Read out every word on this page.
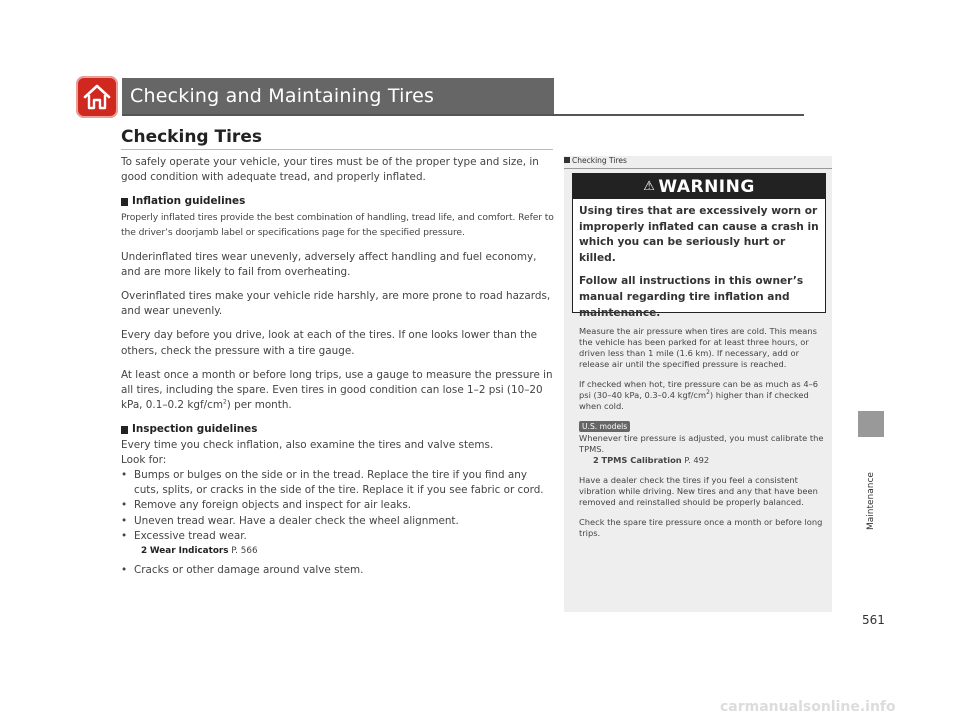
Checking and Maintaining Tires
Checking Tires

To safely operate your vehicle, your tires must be of the proper type and size, in good condition with adequate tread, and properly inflated.

Inflation guidelines

Properly inflated tires provide the best combination of handling, tread life, and comfort. Refer to the driver’s doorjamb label or specifications page for the specified pressure.

Underinflated tires wear unevenly, adversely affect handling and fuel economy, and are more likely to fail from overheating.

Overinflated tires make your vehicle ride harshly, are more prone to road hazards, and wear unevenly.

Every day before you drive, look at each of the tires. If one looks lower than the others, check the pressure with a tire gauge.

At least once a month or before long trips, use a gauge to measure the pressure in all tires, including the spare. Even tires in good condition can lose 1–2 psi (10–20 kPa, 0.1–0.2 kgf/$cm^2$) per month.

Inspection guidelines
Every time you check inflation, also examine the tires and valve stems.
Look for:
• Bumps or bulges on the side or in the tread. Replace the tire if you find any cuts, splits, or cracks in the side of the tire. Replace it if you see fabric or cord.
• Remove any foreign objects and inspect for air leaks.
• Uneven tread wear. Have a dealer check the wheel alignment.
• Excessive tread wear.

2 Wear Indicators P. 566

• Cracks or other damage around valve stem.
Checking Tires
⚠ WARNING

Using tires that are excessively worn or improperly inflated can cause a crash in which you can be seriously hurt or killed.

Follow all instructions in this owner’s manual regarding tire inflation and maintenance.

Measure the air pressure when tires are cold. This means the vehicle has been parked for at least three hours, or driven less than 1 mile (1.6 km). If necessary, add or release air until the specified pressure is reached.

If checked when hot, tire pressure can be as much as 4–6 psi (30–40 kPa, 0.3–0.4 kgf/$cm^2$) higher than if checked when cold.

U.S. models
Whenever tire pressure is adjusted, you must calibrate the TPMS.

2 TPMS Calibration P. 492

Have a dealer check the tires if you feel a consistent vibration while driving. New tires and any that have been removed and reinstalled should be properly balanced.

Check the spare tire pressure once a month or before long trips.

Maintenance
561
carmanualsonline.info
